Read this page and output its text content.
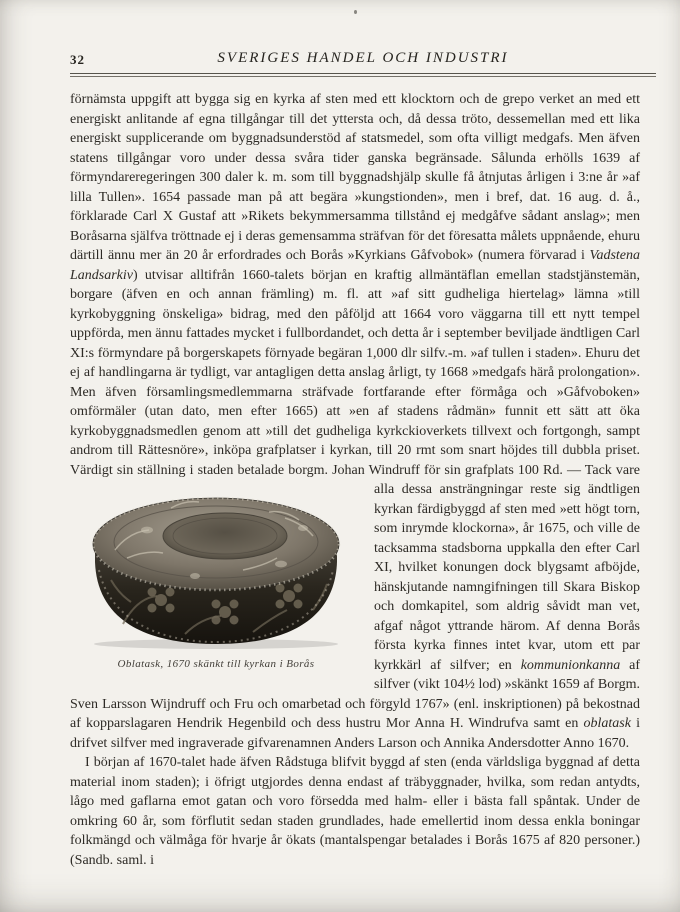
32	SVERIGES HANDEL OCH INDUSTRI

förnämsta uppgift att bygga sig en kyrka af sten med ett klocktorn och de grepo verket an med ett energiskt anlitande af egna tillgångar till det yttersta och, då dessa tröto, dessemellan med ett lika energiskt supplicerande om byggnadsunderstöd af statsmedel, som ofta villigt medgafs. Men äfven statens tillgångar voro under dessa svåra tider ganska begränsade. Sålunda erhölls 1639 af förmyndareregeringen 300 daler k. m. som till byggnadshjälp skulle få åtnjutas årligen i 3:ne år »af lilla Tullen». 1654 passade man på att begära »kungstionden», men i bref, dat. 16 aug. d. å., förklarade Carl X Gustaf att »Rikets bekymmersamma tillstånd ej medgåfve sådant anslag»; men Boråsarna själfva tröttnade ej i deras gemensamma sträfvan för det föresatta målets uppnående, ehuru därtill ännu mer än 20 år erfordrades och Borås »Kyrkians Gåfvobok» (numera förvarad i Vadstena Landsarkiv) utvisar alltifrån 1660-talets början en kraftig allmäntäflan emellan stadstjänstemän, borgare (äfven en och annan främling) m. fl. att »af sitt gudheliga hiertelag» lämna »till kyrkobyggning önskeliga» bidrag, med den påföljd att 1664 voro väggarna till ett nytt tempel uppförda, men ännu fattades mycket i fullbordandet, och detta år i september beviljade ändtligen Carl XI:s förmyndare på borgerskapets förnyade begäran 1,000 dlr silfv.-m. »af tullen i staden». Ehuru det ej af handlingarna är tydligt, var antagligen detta anslag årligt, ty 1668 »medgafs härå prolongation». Men äfven församlingsmedlemmarna sträfvade fortfarande efter förmåga och »Gåfvoboken» omförmäler (utan dato, men efter 1665) att »en af stadens rådmän» funnit ett sätt att öka kyrkobyggnadsmedlen genom att »till det gudheliga kyrkckioverkets tillvext och fortgongh, sampt androm till Rättesnöre», inköpa grafplatser i kyrkan, till 20 rmt som snart höjdes till dubbla priset. Värdigt sin ställning i staden betalade borgm. Johan Windruff för sin grafplats 100 Rd. — Tack
Oblatask, 1670 skänkt till kyrkan i Borås
vare alla dessa ansträngningar reste sig ändtligen kyrkan färdigbyggd af sten med »ett högt torn, som inrymde klockorna», år 1675, och ville de tacksamma stadsborna uppkalla den efter Carl XI, hvilket konungen dock blygsamt afböjde, hänskjutande namngifningen till Skara Biskop och domkapitel, som aldrig såvidt man vet, afgaf något yttrande härom. Af denna Borås första kyrka finnes intet kvar, utom ett par kyrkkärl af silfver; en kommunionkanna af silfver (vikt 104½ lod) »skänkt 1659 af Borgm. Sven Larsson Wijndruff och Fru och omarbetad och förgyld 1767» (enl. inskriptionen) på bekostnad af kopparslagaren Hendrik Hegenbild och dess hustru Mor Anna H. Windrufva samt en oblatask i drifvet silfver med ingraverade gifvarenamnen Anders Larson och Annika Andersdotter Anno 1670.

I början af 1670-talet hade äfven Rådstuga blifvit byggd af sten (enda världsliga byggnad af detta material inom staden); i öfrigt utgjordes denna endast af träbyggnader, hvilka, som redan antydts, lågo med gaflarna emot gatan och voro försedda med halm- eller i bästa fall spåntak. Under de omkring 60 år, som förflutit sedan staden grundlades, hade emellertid inom dessa enkla boningar folkmängd och välmåga för hvarje år ökats (mantalspengar betalades i Borås 1675 af 820 personer.) (Sandb. saml. i
